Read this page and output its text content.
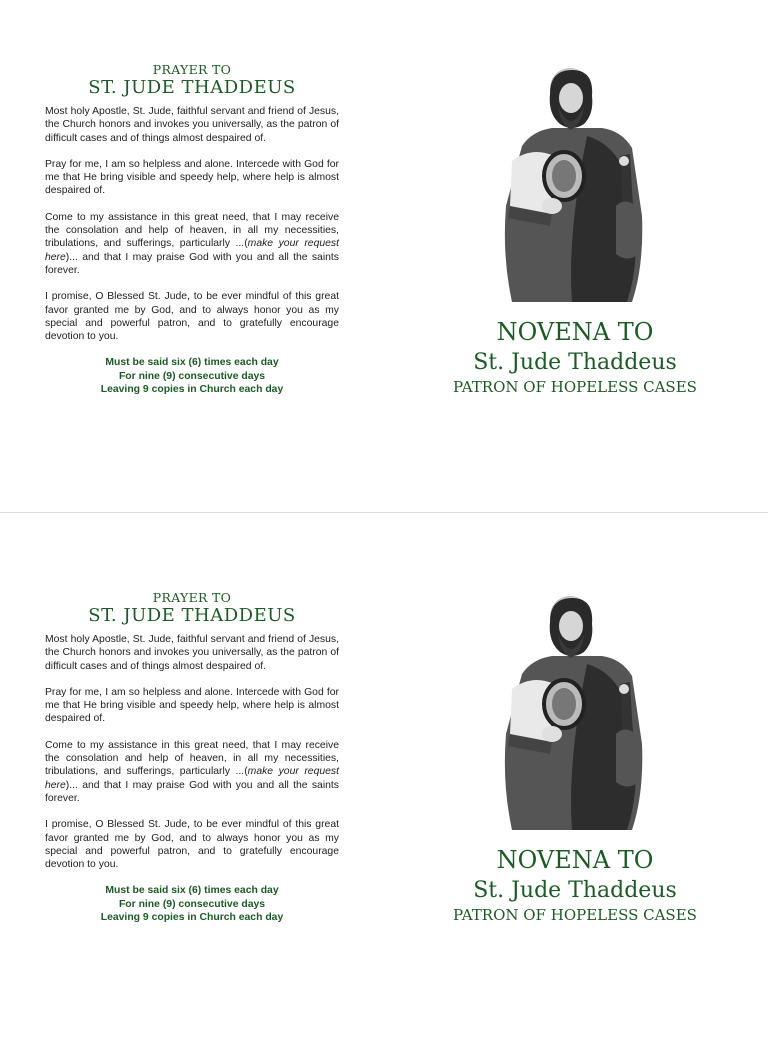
PRAYER TO
ST. JUDE THADDEUS

Most holy Apostle, St. Jude, faithful servant and friend of Jesus, the Church honors and invokes you universally, as the patron of difficult cases and of things almost despaired of.

Pray for me, I am so helpless and alone. Intercede with God for me that He bring visible and speedy help, where help is almost despaired of.

Come to my assistance in this great need, that I may receive the consolation and help of heaven, in all my necessities, tribulations, and sufferings, particularly ...(make your request here)... and that I may praise God with you and all the saints forever.

I promise, O Blessed St. Jude, to be ever mindful of this great favor granted me by God, and to always honor you as my special and powerful patron, and to gratefully encourage devotion to you.

Must be said six (6) times each day
For nine (9) consecutive days
Leaving 9 copies in Church each day
NOVENA TO
St. Jude Thaddeus
PATRON OF HOPELESS CASES
PRAYER TO
ST. JUDE THADDEUS

Most holy Apostle, St. Jude, faithful servant and friend of Jesus, the Church honors and invokes you universally, as the patron of difficult cases and of things almost despaired of.

Pray for me, I am so helpless and alone. Intercede with God for me that He bring visible and speedy help, where help is almost despaired of.

Come to my assistance in this great need, that I may receive the consolation and help of heaven, in all my necessities, tribulations, and sufferings, particularly ...(make your request here)... and that I may praise God with you and all the saints forever.

I promise, O Blessed St. Jude, to be ever mindful of this great favor granted me by God, and to always honor you as my special and powerful patron, and to gratefully encourage devotion to you.

Must be said six (6) times each day
For nine (9) consecutive days
Leaving 9 copies in Church each day
NOVENA TO
St. Jude Thaddeus
PATRON OF HOPELESS CASES
